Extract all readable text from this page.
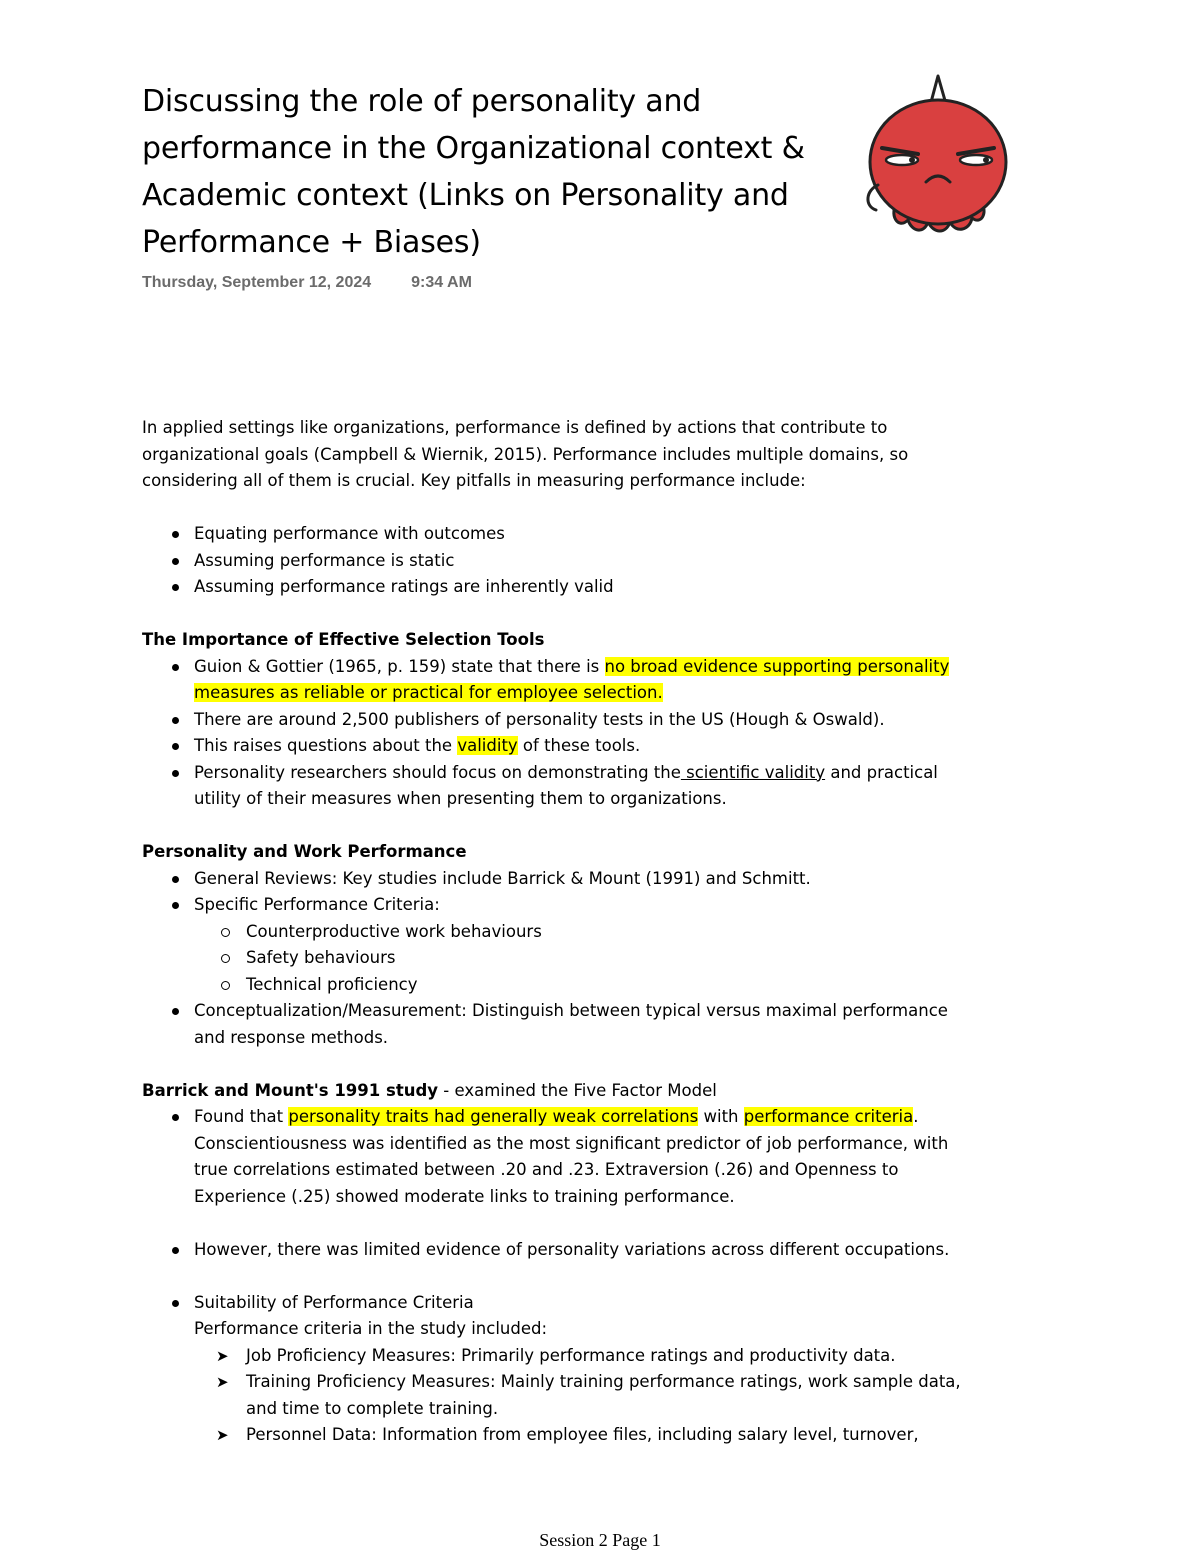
Discussing the role of personality and performance in the Organizational context & Academic context (Links on Personality and Performance + Biases)
Thursday, September 12, 2024	9:34 AM

In applied settings like organizations, performance is defined by actions that contribute to organizational goals (Campbell & Wiernik, 2015). Performance includes multiple domains, so considering all of them is crucial. Key pitfalls in measuring performance include:

Equating performance with outcomes
Assuming performance is static
Assuming performance ratings are inherently valid

The Importance of Effective Selection Tools

Guion & Gottier (1965, p. 159) state that there is no broad evidence supporting personality measures as reliable or practical for employee selection.
There are around 2,500 publishers of personality tests in the US (Hough & Oswald).
This raises questions about the validity of these tools.
Personality researchers should focus on demonstrating the scientific validity and practical utility of their measures when presenting them to organizations.

Personality and Work Performance

General Reviews: Key studies include Barrick & Mount (1991) and Schmitt.
Specific Performance Criteria:
Counterproductive work behaviours
Safety behaviours
Technical proficiency
Conceptualization/Measurement: Distinguish between typical versus maximal performance and response methods.

Barrick and Mount's 1991 study - examined the Five Factor Model

Found that personality traits had generally weak correlations with performance criteria. Conscientiousness was identified as the most significant predictor of job performance, with true correlations estimated between .20 and .23. Extraversion (.26) and Openness to Experience (.25) showed moderate links to training performance.
However, there was limited evidence of personality variations across different occupations.
Suitability of Performance Criteria
Performance criteria in the study included:
➤ Job Proficiency Measures: Primarily performance ratings and productivity data.
➤ Training Proficiency Measures: Mainly training performance ratings, work sample data, and time to complete training.
➤ Personnel Data: Information from employee files, including salary level, turnover,
Session 2 Page 1
